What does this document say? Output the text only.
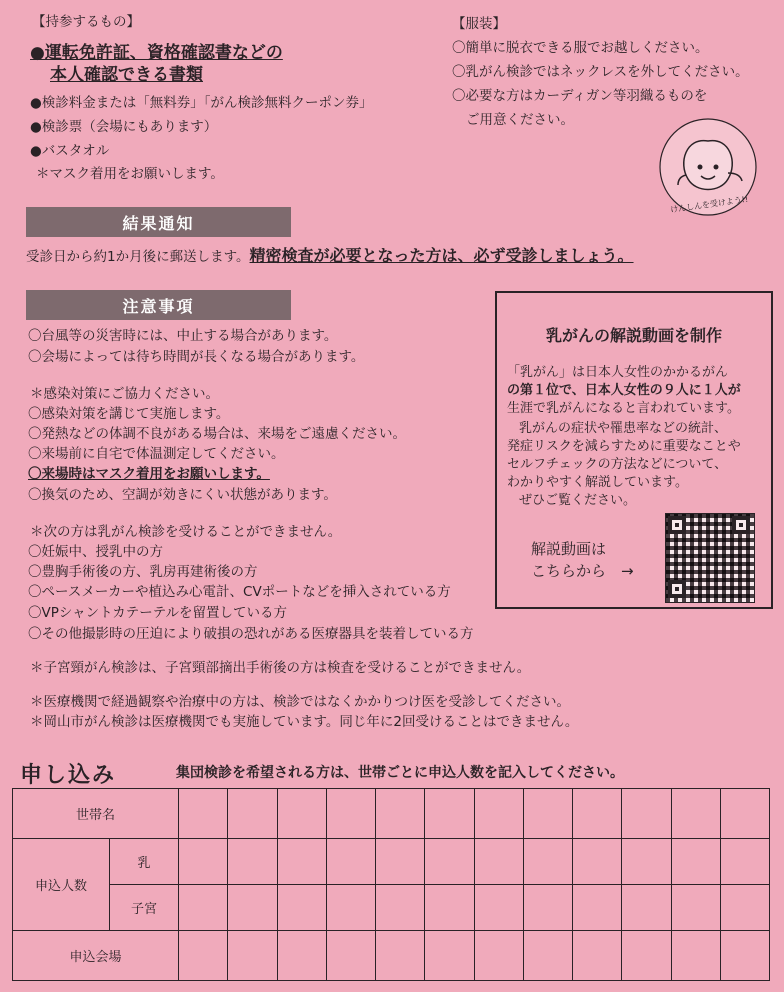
【持参するもの】
●運転免許証、資格確認書などの
本人確認できる書類
●検診料金または「無料券」「がん検診無料クーポン券」
●検診票（会場にもあります）
●バスタオル
＊マスク着用をお願いします。
【服装】
〇簡単に脱衣できる服でお越しください。
〇乳がん検診ではネックレスを外してください。
〇必要な方はカーディガン等羽織るものを
ご用意ください。
けんしんを受けよう!!
結果通知
受診日から約1か月後に郵送します。精密検査が必要となった方は、必ず受診しましょう。
注意事項
〇台風等の災害時には、中止する場合があります。
〇会場によっては待ち時間が長くなる場合があります。
＊感染対策にご協力ください。
〇感染対策を講じて実施します。
〇発熱などの体調不良がある場合は、来場をご遠慮ください。
〇来場前に自宅で体温測定してください。
〇来場時はマスク着用をお願いします。
〇換気のため、空調が効きにくい状態があります。
＊次の方は乳がん検診を受けることができません。
〇妊娠中、授乳中の方
〇豊胸手術後の方、乳房再建術後の方
〇ペースメーカーや植込み心電計、CVポートなどを挿入されている方
〇VPシャントカテーテルを留置している方
〇その他撮影時の圧迫により破損の恐れがある医療器具を装着している方
＊子宮頸がん検診は、子宮頸部摘出手術後の方は検査を受けることができません。
＊医療機関で経過観察や治療中の方は、検診ではなくかかりつけ医を受診してください。
＊岡山市がん検診は医療機関でも実施しています。同じ年に2回受けることはできません。
乳がんの解説動画を制作
「乳がん」は日本人女性のかかるがん
の第１位で、日本人女性の９人に１人が
生涯で乳がんになると言われています。
乳がんの症状や罹患率などの統計、
発症リスクを減らすために重要なことや
セルフチェックの方法などについて、
わかりやすく解説しています。
ぜひご覧ください。
解説動画は
こちらから　→
申し込み	集団検診を希望される方は、世帯ごとに申込人数を記入してください。
世帯名													
申込人数	乳												
	子宮												
申込会場													
